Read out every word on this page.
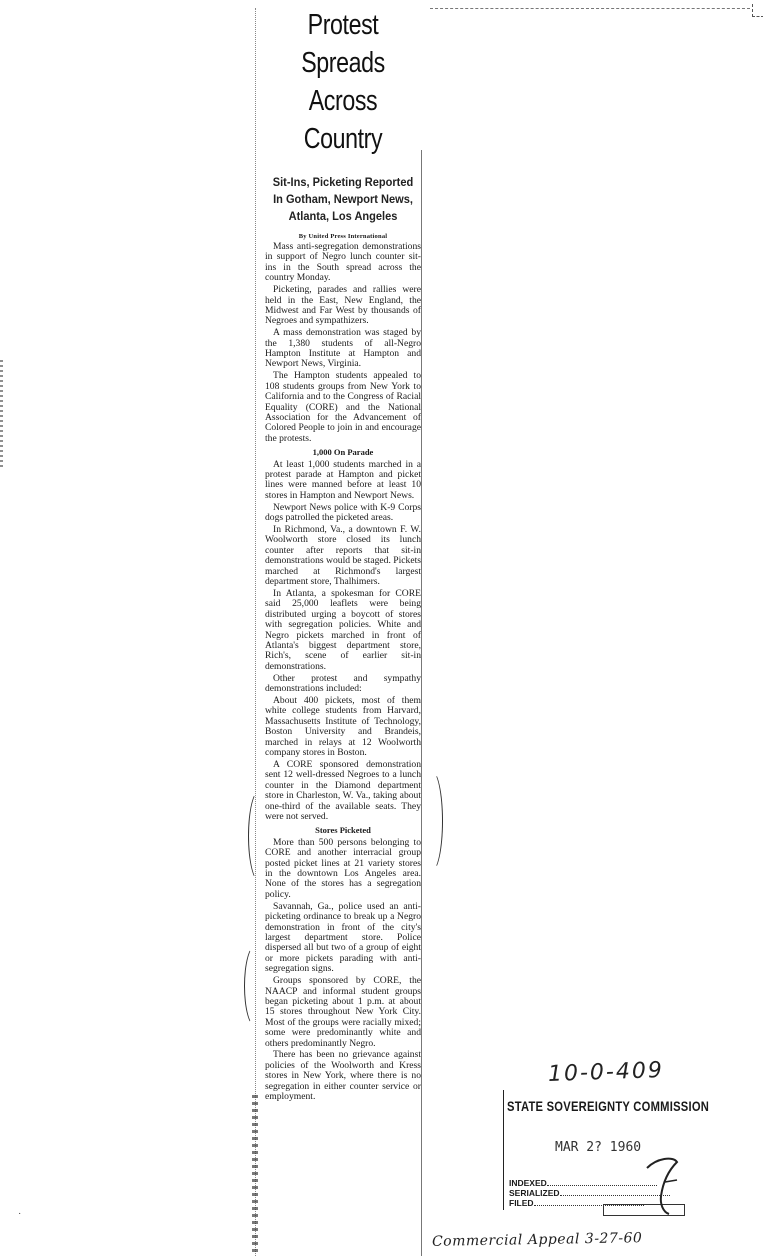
Protest Spreads
Across Country
Sit-Ins, Picketing Reported
In Gotham, Newport News,
Atlanta, Los Angeles
By United Press International

Mass anti-segregation demonstrations in support of Negro lunch counter sit-ins in the South spread across the country Monday.

Picketing, parades and rallies were held in the East, New England, the Midwest and Far West by thousands of Negroes and sympathizers.

A mass demonstration was staged by the 1,380 students of all-Negro Hampton Institute at Hampton and Newport News, Virginia.

The Hampton students appealed to 108 students groups from New York to California and to the Congress of Racial Equality (CORE) and the National Association for the Advancement of Colored People to join in and encourage the protests.

1,000 On Parade

At least 1,000 students marched in a protest parade at Hampton and picket lines were manned before at least 10 stores in Hampton and Newport News.

Newport News police with K-9 Corps dogs patrolled the picketed areas.

In Richmond, Va., a downtown F. W. Woolworth store closed its lunch counter after reports that sit-in demonstrations would be staged. Pickets marched at Richmond's largest department store, Thalhimers.

In Atlanta, a spokesman for CORE said 25,000 leaflets were being distributed urging a boycott of stores with segregation policies. White and Negro pickets marched in front of Atlanta's biggest department store, Rich's, scene of earlier sit-in demonstrations.

Other protest and sympathy demonstrations included:

About 400 pickets, most of them white college students from Harvard, Massachusetts Institute of Technology, Boston University and Brandeis, marched in relays at 12 Woolworth company stores in Boston.

A CORE sponsored demonstration sent 12 well-dressed Negroes to a lunch counter in the Diamond department store in Charleston, W. Va., taking about one-third of the available seats. They were not served.

Stores Picketed

More than 500 persons belonging to CORE and another interracial group posted picket lines at 21 variety stores in the downtown Los Angeles area. None of the stores has a segregation policy.

Savannah, Ga., police used an anti-picketing ordinance to break up a Negro demonstration in front of the city's largest department store. Police dispersed all but two of a group of eight or more pickets parading with anti-segregation signs.

Groups sponsored by CORE, the NAACP and informal student groups began picketing about 1 p.m. at about 15 stores throughout New York City. Most of the groups were racially mixed; some were predominantly white and others predominantly Negro.

There has been no grievance against policies of the Woolworth and Kress stores in New York, where there is no segregation in either counter service or employment.

˙
10-0-409
STATE SOVEREIGNTY COMMISSION
MAR 2? 1960
INDEXED
SERIALIZED
FILED
Commercial Appeal 3-27-60
